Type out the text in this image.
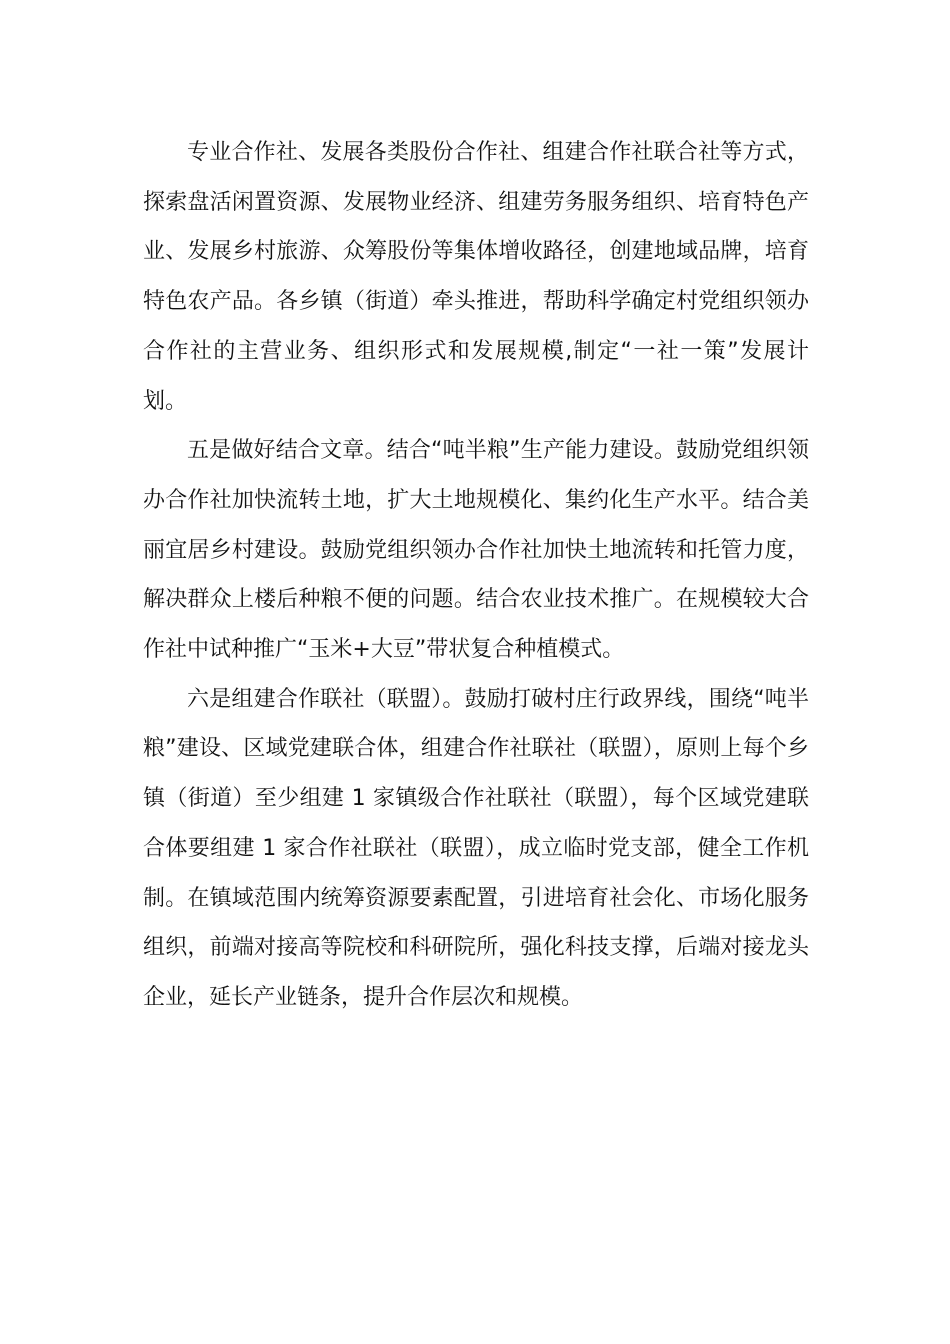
专业合作社、发展各类股份合作社、组建合作社联合社等方式，探索盘活闲置资源、发展物业经济、组建劳务服务组织、培育特色产业、发展乡村旅游、众筹股份等集体增收路径，创建地域品牌，培育特色农产品。各乡镇（街道）牵头推进，帮助科学确定村党组织领办合作社的主营业务、组织形式和发展规模,制定“一社一策”发展计划。

五是做好结合文章。结合“吨半粮”生产能力建设。鼓励党组织领办合作社加快流转土地，扩大土地规模化、集约化生产水平。结合美丽宜居乡村建设。鼓励党组织领办合作社加快土地流转和托管力度，解决群众上楼后种粮不便的问题。结合农业技术推广。在规模较大合作社中试种推广“玉米+大豆”带状复合种植模式。

六是组建合作联社（联盟）。鼓励打破村庄行政界线，围绕“吨半粮”建设、区域党建联合体，组建合作社联社（联盟），原则上每个乡镇（街道）至少组建 1 家镇级合作社联社（联盟），每个区域党建联合体要组建 1 家合作社联社（联盟），成立临时党支部，健全工作机制。在镇域范围内统筹资源要素配置，引进培育社会化、市场化服务组织，前端对接高等院校和科研院所，强化科技支撑，后端对接龙头企业，延长产业链条，提升合作层次和规模。
